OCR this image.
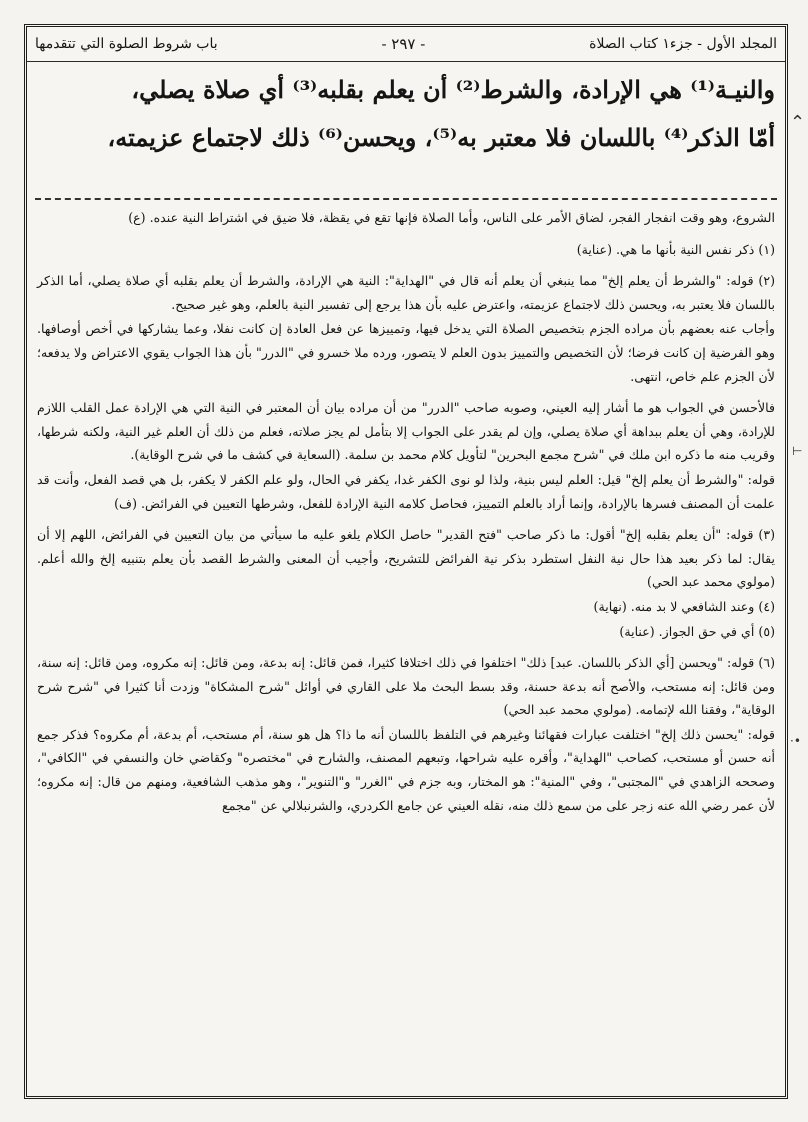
المجلد الأول - جزء١ كتاب الصلاة
- ٢٩٧ -
باب شروط الصلوة التي تتقدمها

والنيـة⁽¹⁾ هي الإرادة، والشرط⁽²⁾ أن يعلم بقلبه⁽³⁾ أي صلاة يصلي،

أمّا الذكر⁽⁴⁾ باللسان فلا معتبر به⁽⁵⁾، ويحسن⁽⁶⁾ ذلك لاجتماع عزيمته،

الشروع، وهو وقت انفجار الفجر، لضاق الأمر على الناس، وأما الصلاة فإنها تقع في يقظة، فلا ضيق في اشتراط النية عنده. (ع)

(١) ذكر نفس النية بأنها ما هي. (عناية)

(٢) قوله: "والشرط أن يعلم إلخ" مما ينبغي أن يعلم أنه قال في "الهداية": النية هي الإرادة، والشرط أن يعلم بقلبه أي صلاة يصلي، أما الذكر باللسان فلا يعتبر به، ويحسن ذلك لاجتماع عزيمته، واعترض عليه بأن هذا يرجع إلى تفسير النية بالعلم، وهو غير صحيح.

وأجاب عنه بعضهم بأن مراده الجزم بتخصيص الصلاة التي يدخل فيها، وتمييزها عن فعل العادة إن كانت نفلا، وعما يشاركها في أخص أوصافها. وهو الفرضية إن كانت فرضا؛ لأن التخصيص والتمييز بدون العلم لا يتصور، ورده ملا خسرو في "الدرر" بأن هذا الجواب يقوي الاعتراض ولا يدفعه؛ لأن الجزم علم خاص، انتهى.

فالأحسن في الجواب هو ما أشار إليه العيني، وصوبه صاحب "الدرر" من أن مراده بيان أن المعتبر في النية التي هي الإرادة عمل القلب اللازم للإرادة، وهي أن يعلم ببداهة أي صلاة يصلي، وإن لم يقدر على الجواب إلا بتأمل لم يجز صلاته، فعلم من ذلك أن العلم غير النية، ولكنه شرطها، وقريب منه ما ذكره ابن ملك في "شرح مجمع البحرين" لتأويل كلام محمد بن سلمة. (السعاية في كشف ما في شرح الوقاية).

قوله: "والشرط أن يعلم إلخ" قيل: العلم ليس بنية، ولذا لو نوى الكفر غدا، يكفر في الحال، ولو علم الكفر لا يكفر، بل هي قصد الفعل، وأنت قد علمت أن المصنف فسرها بالإرادة، وإنما أراد بالعلم التمييز، فحاصل كلامه النية الإرادة للفعل، وشرطها التعيين في الفرائض. (ف)

(٣) قوله: "أن يعلم بقلبه إلخ" أقول: ما ذكر صاحب "فتح القدير" حاصل الكلام يلغو عليه ما سيأتي من بيان التعيين في الفرائض، اللهم إلا أن يقال: لما ذكر بعيد هذا حال نية النفل استطرد بذكر نية الفرائض للتشريح، وأجيب أن المعنى والشرط القصد بأن يعلم بتنبيه إلخ والله أعلم. (مولوي محمد عبد الحي)

(٤) وعند الشافعي لا بد منه. (نهاية)

(٥) أي في حق الجواز. (عناية)

(٦) قوله: "ويحسن [أي الذكر باللسان. عبد] ذلك" اختلفوا في ذلك اختلافا كثيرا، فمن قائل: إنه بدعة، ومن قائل: إنه مكروه، ومن قائل: إنه سنة، ومن قائل: إنه مستحب، والأصح أنه بدعة حسنة، وقد بسط البحث ملا على القاري في أوائل "شرح المشكاة" وزدت أنا كثيرا في "شرح شرح الوقاية"، وفقنا الله لإتمامه. (مولوي محمد عبد الحي)

قوله: "يحسن ذلك إلخ" اختلفت عبارات فقهائنا وغيرهم في التلفظ باللسان أنه ما ذا؟ هل هو سنة، أم مستحب، أم بدعة، أم مكروه؟ فذكر جمع أنه حسن أو مستحب، كصاحب "الهداية"، وأقره عليه شراحها، وتبعهم المصنف، والشارح في "مختصره" وكقاضي خان والنسفي في "الكافي"، وصححه الزاهدي في "المجتبى"، وفي "المنية": هو المختار، وبه جزم في "الغرر" و"التنوير"، وهو مذهب الشافعية، ومنهم من قال: إنه مكروه؛ لأن عمر رضي الله عنه زجر على من سمع ذلك منه، نقله العيني عن جامع الكردري، والشرنبلالي عن "مجمع

⌃
⊢
·•
